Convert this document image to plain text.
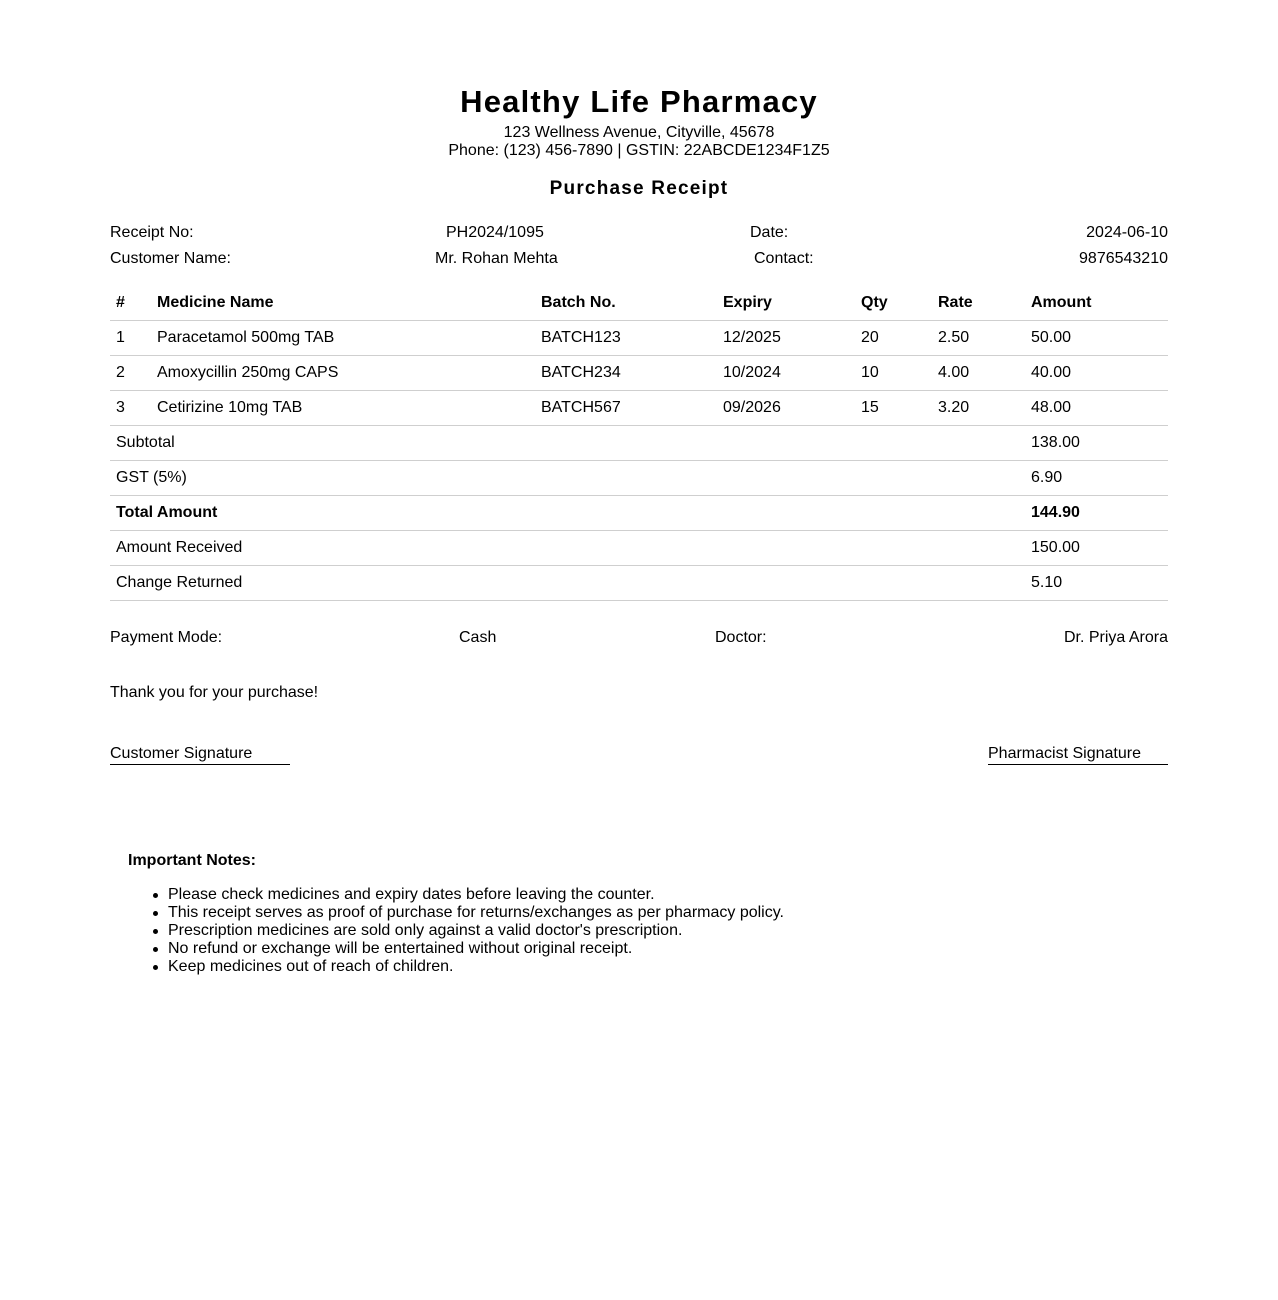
Healthy Life Pharmacy
123 Wellness Avenue, Cityville, 45678
Phone: (123) 456-7890 | GSTIN: 22ABCDE1234F1Z5
Purchase Receipt
Receipt No:	PH2024/1095	Date:	2024-06-10
Customer Name:	Mr. Rohan Mehta	Contact:	9876543210
#	Medicine Name	Batch No.	Expiry	Qty	Rate	Amount
1	Paracetamol 500mg TAB	BATCH123	12/2025	20	2.50	50.00
2	Amoxycillin 250mg CAPS	BATCH234	10/2024	10	4.00	40.00
3	Cetirizine 10mg TAB	BATCH567	09/2026	15	3.20	48.00
Subtotal						138.00
GST (5%)						6.90
Total Amount						144.90
Amount Received						150.00
Change Returned						5.10
Payment Mode:	Cash	Doctor:	Dr. Priya Arora
Thank you for your purchase!
Customer Signature	Pharmacist Signature
Important Notes:
Please check medicines and expiry dates before leaving the counter.
This receipt serves as proof of purchase for returns/exchanges as per pharmacy policy.
Prescription medicines are sold only against a valid doctor's prescription.
No refund or exchange will be entertained without original receipt.
Keep medicines out of reach of children.
